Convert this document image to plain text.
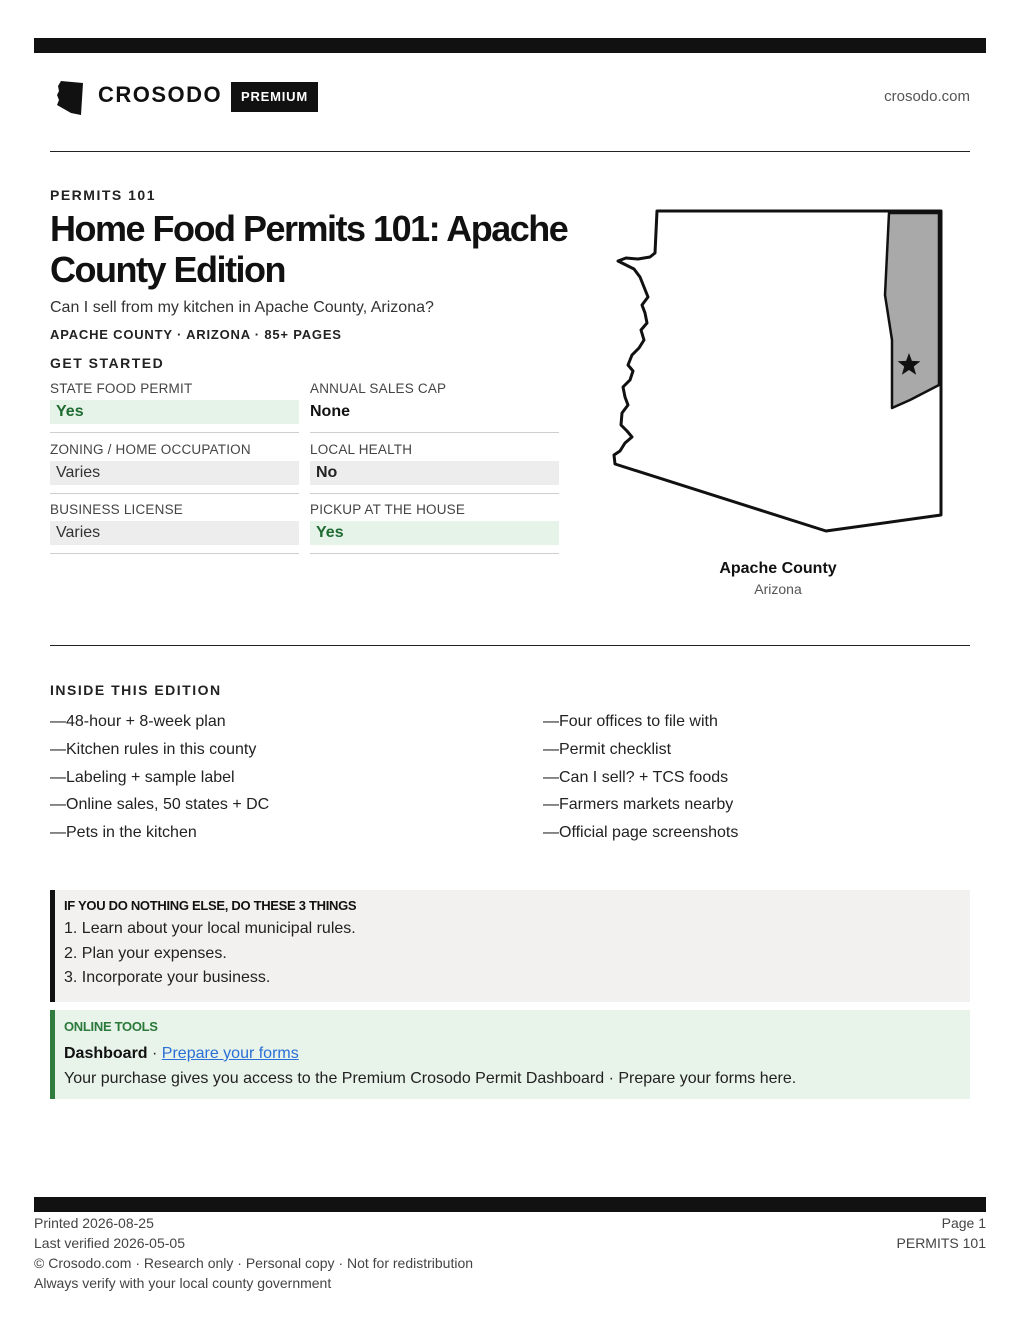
CROSODO	PREMIUM	crosodo.com
PERMITS 101
Home Food Permits 101: Apache County Edition

Can I sell from my kitchen in Apache County, Arizona?

APACHE COUNTY · ARIZONA · 85+ PAGES

GET STARTED
STATE FOOD PERMIT
Yes
ANNUAL SALES CAP
None
ZONING / HOME OCCUPATION
Varies
LOCAL HEALTH
No
BUSINESS LICENSE
Varies
PICKUP AT THE HOUSE
Yes
Apache County
Arizona
INSIDE THIS EDITION
—48-hour + 8-week plan
—Kitchen rules in this county
—Labeling + sample label
—Online sales, 50 states + DC
—Pets in the kitchen
—Four offices to file with
—Permit checklist
—Can I sell? + TCS foods
—Farmers markets nearby
—Official page screenshots
IF YOU DO NOTHING ELSE, DO THESE 3 THINGS
1. Learn about your local municipal rules.
2. Plan your expenses.
3. Incorporate your business.
ONLINE TOOLS
Dashboard · Prepare your forms
Your purchase gives you access to the Premium Crosodo Permit Dashboard · Prepare your forms here.
Printed 2026-08-25
Last verified 2026-05-05
© Crosodo.com · Research only · Personal copy · Not for redistribution
Always verify with your local county government
Page 1
PERMITS 101
